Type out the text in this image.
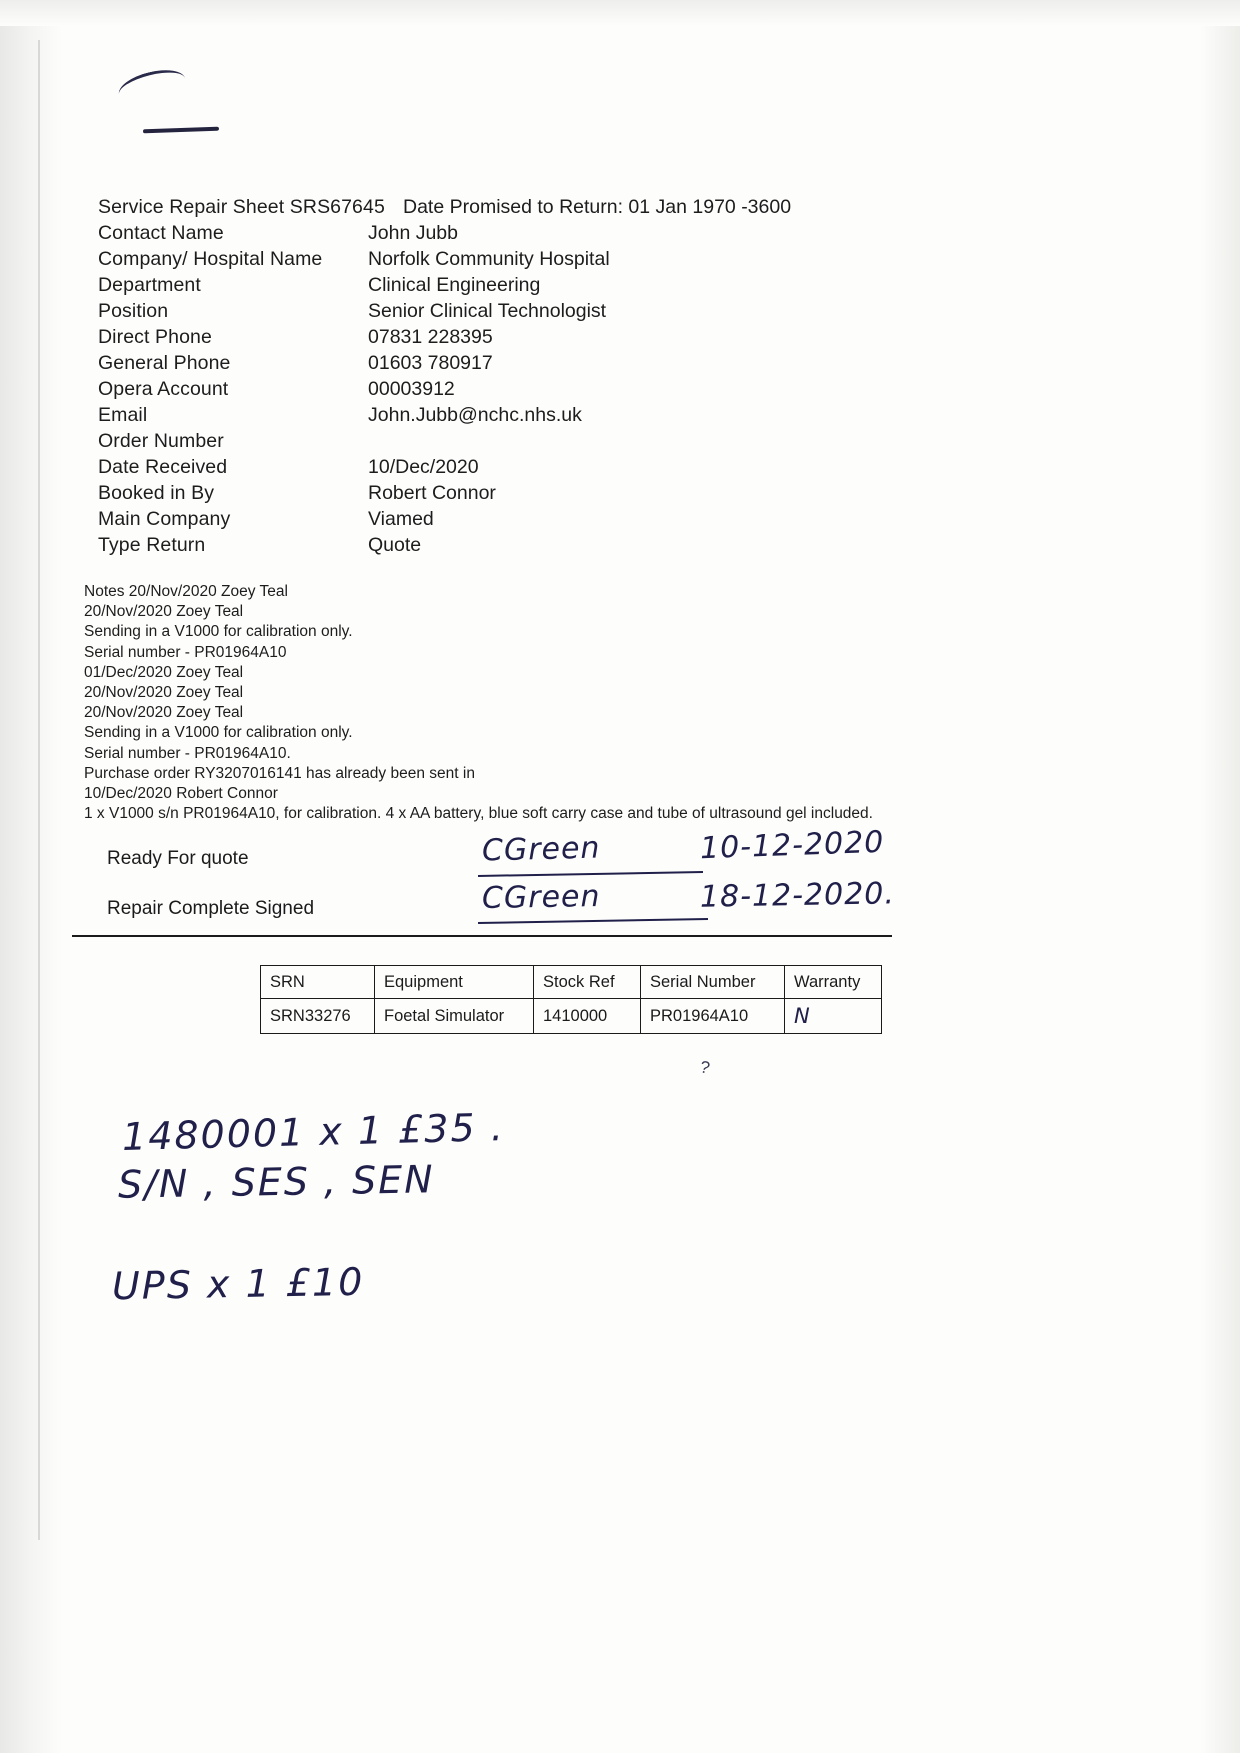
Service Repair Sheet SRS67645 Date Promised to Return: 01 Jan 1970 -3600
Contact Name	John Jubb
Company/ Hospital Name	Norfolk Community Hospital
Department	Clinical Engineering
Position	Senior Clinical Technologist
Direct Phone	07831 228395
General Phone	01603 780917
Opera Account	00003912
Email	John.Jubb@nchc.nhs.uk
Order Number
Date Received	10/Dec/2020
Booked in By	Robert Connor
Main Company	Viamed
Type Return	Quote
Notes 20/Nov/2020 Zoey Teal
20/Nov/2020 Zoey Teal
Sending in a V1000 for calibration only.
Serial number - PR01964A10
01/Dec/2020 Zoey Teal
20/Nov/2020 Zoey Teal
20/Nov/2020 Zoey Teal
Sending in a V1000 for calibration only.
Serial number - PR01964A10.
Purchase order RY3207016141 has already been sent in
10/Dec/2020 Robert Connor
1 x V1000 s/n PR01964A10, for calibration. 4 x AA battery, blue soft carry case and tube of ultrasound gel included.
Ready For quote	CGreen	10-12-2020
Repair Complete Signed	CGreen	18-12-2020.
SRN	Equipment	Stock Ref	Serial Number	Warranty
SRN33276	Foetal Simulator	1410000	PR01964A10	N
?
1480001 x 1 £35 .
S/N , SES , SEN
UPS x 1 £10
